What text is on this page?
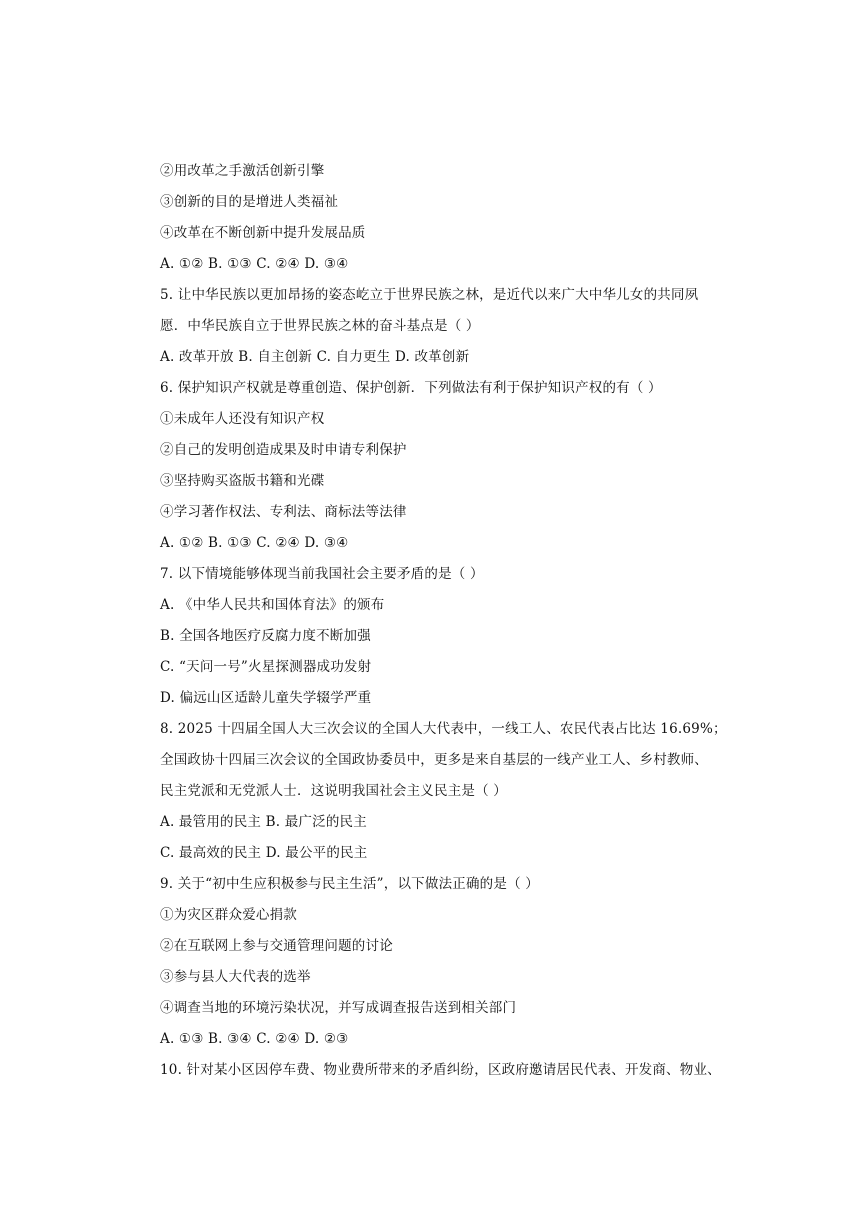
②用改革之手激活创新引擎
③创新的目的是增进人类福祉
④改革在不断创新中提升发展品质
A. ①② B. ①③ C. ②④ D. ③④
5. 让中华民族以更加昂扬的姿态屹立于世界民族之林，是近代以来广大中华儿女的共同夙
愿．中华民族自立于世界民族之林的奋斗基点是（ ）
A. 改革开放 B. 自主创新 C. 自力更生 D. 改革创新
6. 保护知识产权就是尊重创造、保护创新．下列做法有利于保护知识产权的有（ ）
①未成年人还没有知识产权
②自己的发明创造成果及时申请专利保护
③坚持购买盗版书籍和光碟
④学习著作权法、专利法、商标法等法律
A. ①② B. ①③ C. ②④ D. ③④
7. 以下情境能够体现当前我国社会主要矛盾的是（ ）
A. 《中华人民共和国体育法》的颁布
B. 全国各地医疗反腐力度不断加强
C. “天问一号”火星探测器成功发射
D. 偏远山区适龄儿童失学辍学严重
8. 2025 十四届全国人大三次会议的全国人大代表中，一线工人、农民代表占比达 16.69%；
全国政协十四届三次会议的全国政协委员中，更多是来自基层的一线产业工人、乡村教师、
民主党派和无党派人士．这说明我国社会主义民主是（ ）
A. 最管用的民主 B. 最广泛的民主
C. 最高效的民主 D. 最公平的民主
9. 关于“初中生应积极参与民主生活”，以下做法正确的是（ ）
①为灾区群众爱心捐款
②在互联网上参与交通管理问题的讨论
③参与县人大代表的选举
④调查当地的环境污染状况，并写成调查报告送到相关部门
A. ①③ B. ③④ C. ②④ D. ②③
10. 针对某小区因停车费、物业费所带来的矛盾纠纷，区政府邀请居民代表、开发商、物业、
